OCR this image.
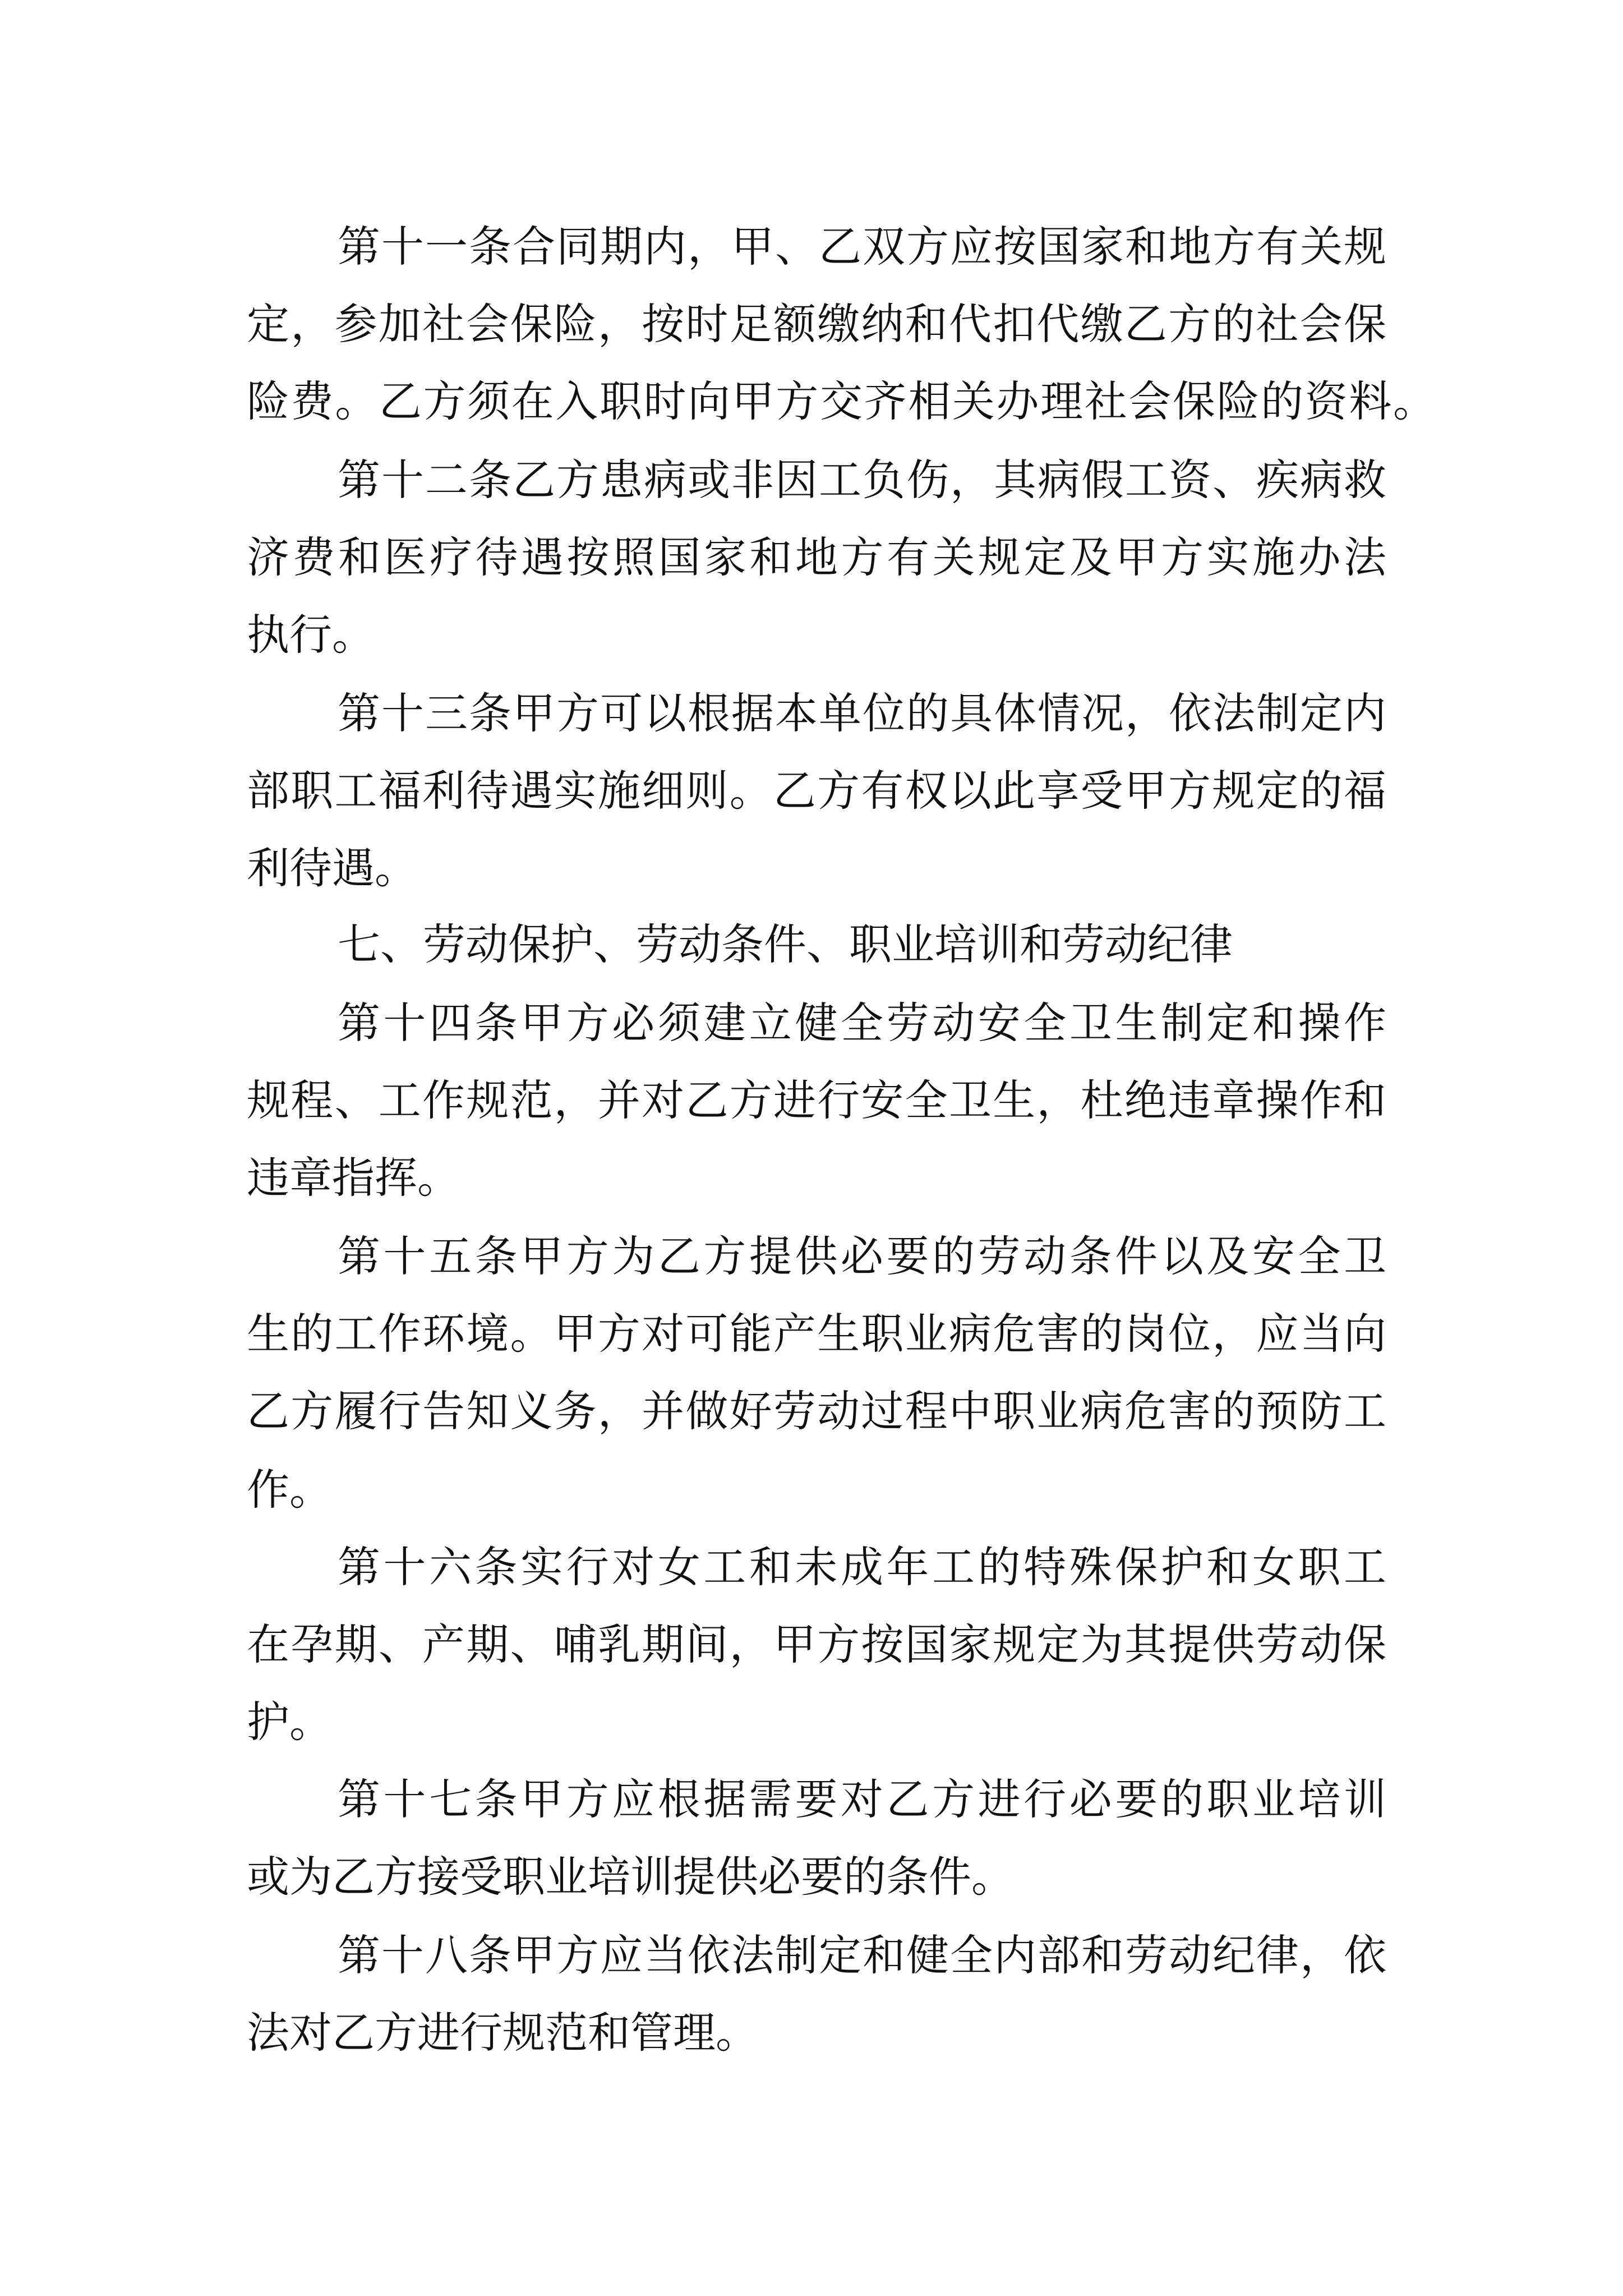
第十一条合同期内，甲、乙双方应按国家和地方有关规
定，参加社会保险，按时足额缴纳和代扣代缴乙方的社会保
险费。乙方须在入职时向甲方交齐相关办理社会保险的资料。
第十二条乙方患病或非因工负伤，其病假工资、疾病救
济费和医疗待遇按照国家和地方有关规定及甲方实施办法
执行。
第十三条甲方可以根据本单位的具体情况，依法制定内
部职工福利待遇实施细则。乙方有权以此享受甲方规定的福
利待遇。
七、劳动保护、劳动条件、职业培训和劳动纪律
第十四条甲方必须建立健全劳动安全卫生制定和操作
规程、工作规范，并对乙方进行安全卫生，杜绝违章操作和
违章指挥。
第十五条甲方为乙方提供必要的劳动条件以及安全卫
生的工作环境。甲方对可能产生职业病危害的岗位，应当向
乙方履行告知义务，并做好劳动过程中职业病危害的预防工
作。
第十六条实行对女工和未成年工的特殊保护和女职工
在孕期、产期、哺乳期间，甲方按国家规定为其提供劳动保
护。
第十七条甲方应根据需要对乙方进行必要的职业培训
或为乙方接受职业培训提供必要的条件。
第十八条甲方应当依法制定和健全内部和劳动纪律，依
法对乙方进行规范和管理。
